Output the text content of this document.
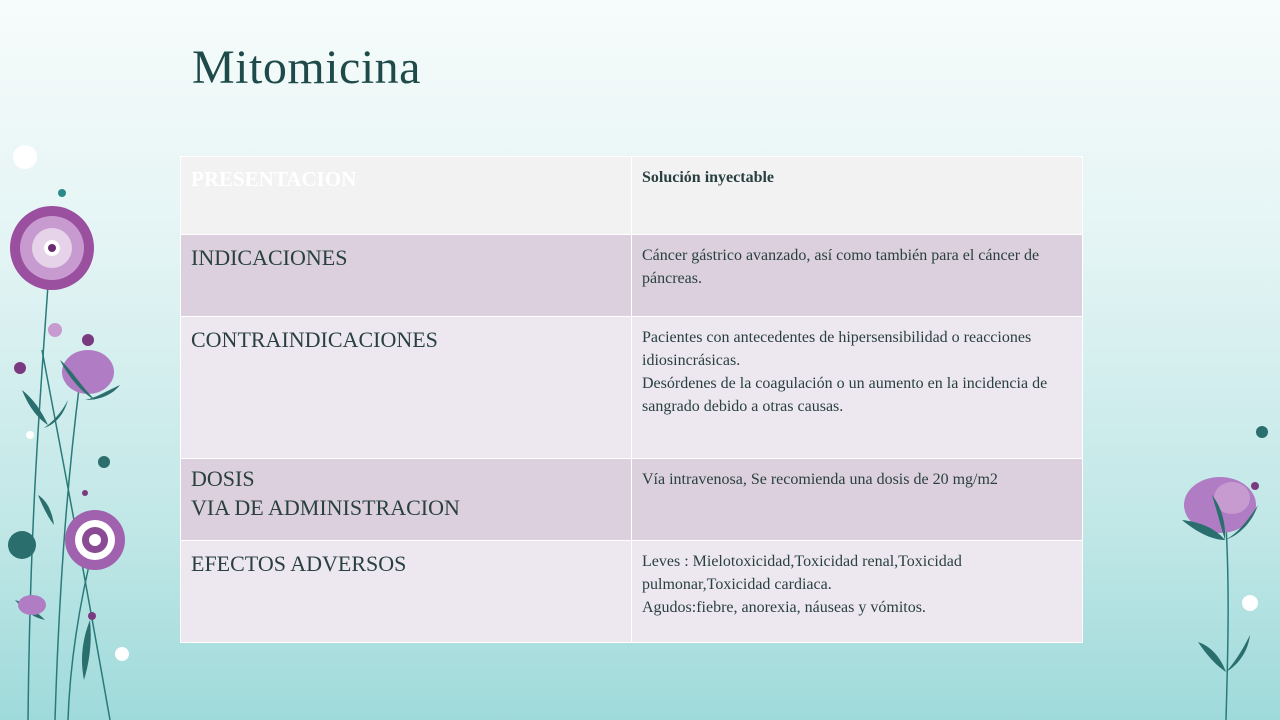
Mitomicina
PRESENTACION	Solución inyectable

INDICACIONES	Cáncer gástrico avanzado, así como también para el cáncer de páncreas.

CONTRAINDICACIONES	Pacientes con antecedentes de hipersensibilidad o reacciones idiosincrásicas.
Desórdenes de la coagulación o un aumento en la incidencia de sangrado debido a otras causas.

DOSIS
VIA DE ADMINISTRACION	Vía intravenosa, Se recomienda una dosis de 20 mg/m2

EFECTOS ADVERSOS	Leves : Mielotoxicidad,Toxicidad renal,Toxicidad pulmonar,Toxicidad cardiaca.
Agudos:fiebre, anorexia, náuseas y vómitos.
